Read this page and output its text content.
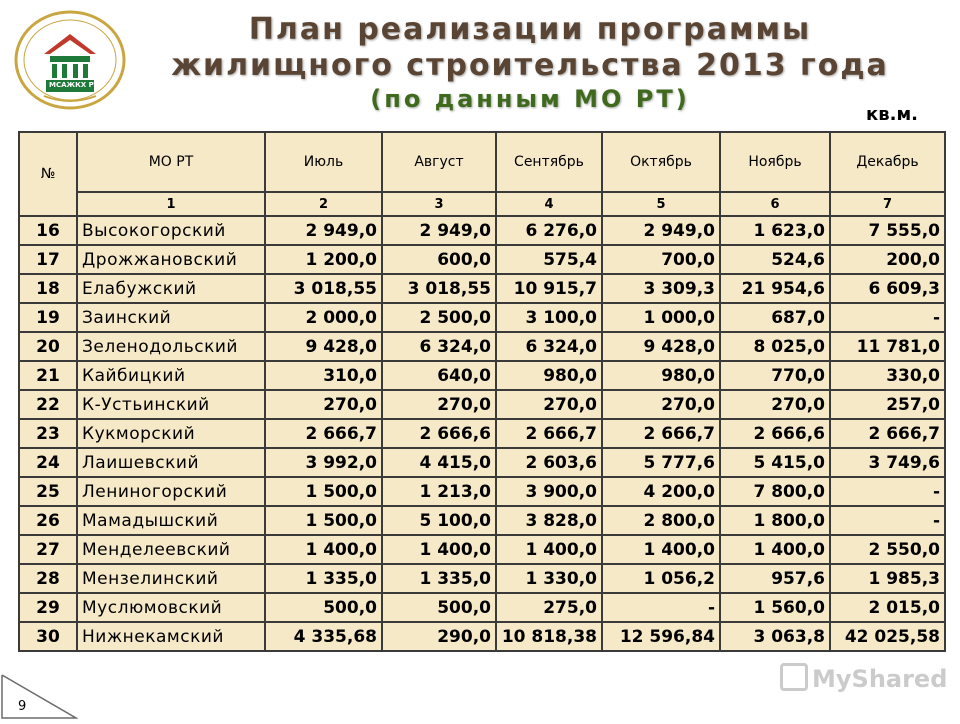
МСАЖКХ РТ
План реализации программы
жилищного строительства 2013 года
(по данным МО РТ)
кв.м.
№	МО РТ	Июль	Август	Сентябрь	Октябрь	Ноябрь	Декабрь
	1	2	3	4	5	6	7
16	Высокогорский	2 949,0	2 949,0	6 276,0	2 949,0	1 623,0	7 555,0
17	Дрожжановский	1 200,0	600,0	575,4	700,0	524,6	200,0
18	Елабужский	3 018,55	3 018,55	10 915,7	3 309,3	21 954,6	6 609,3
19	Заинский	2 000,0	2 500,0	3 100,0	1 000,0	687,0	-
20	Зеленодольский	9 428,0	6 324,0	6 324,0	9 428,0	8 025,0	11 781,0
21	Кайбицкий	310,0	640,0	980,0	980,0	770,0	330,0
22	К-Устьинский	270,0	270,0	270,0	270,0	270,0	257,0
23	Кукморский	2 666,7	2 666,6	2 666,7	2 666,7	2 666,6	2 666,7
24	Лаишевский	3 992,0	4 415,0	2 603,6	5 777,6	5 415,0	3 749,6
25	Лениногорский	1 500,0	1 213,0	3 900,0	4 200,0	7 800,0	-
26	Мамадышский	1 500,0	5 100,0	3 828,0	2 800,0	1 800,0	-
27	Менделеевский	1 400,0	1 400,0	1 400,0	1 400,0	1 400,0	2 550,0
28	Мензелинский	1 335,0	1 335,0	1 330,0	1 056,2	957,6	1 985,3
29	Муслюмовский	500,0	500,0	275,0	-	1 560,0	2 015,0
30	Нижнекамский	4 335,68	290,0	10 818,38	12 596,84	3 063,8	42 025,58
9
MyShared
